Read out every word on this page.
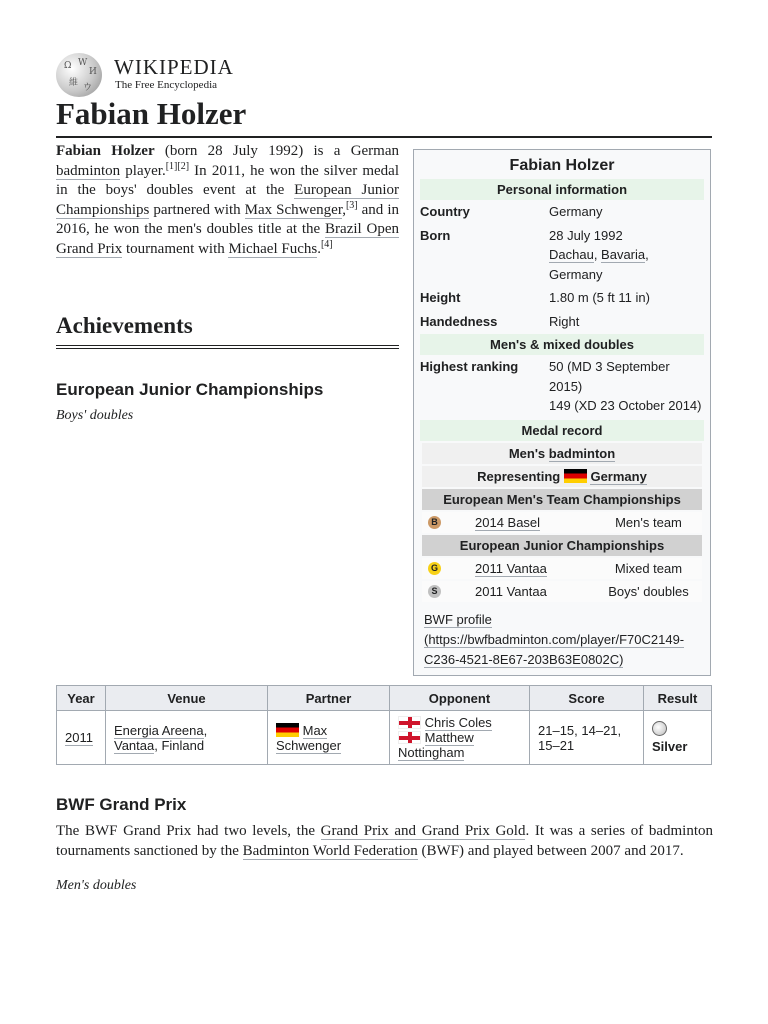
Ω W
И
維 ウ
WIKIPEDIA
The Free Encyclopedia
Fabian Holzer

Fabian Holzer (born 28 July 1992) is a German badminton player.[1][2] In 2011, he won the silver medal in the boys' doubles event at the European Junior Championships partnered with Max Schwenger,[3] and in 2016, he won the men's doubles title at the Brazil Open Grand Prix tournament with Michael Fuchs.[4]

Achievements
European Junior Championships

Boys' doubles

Fabian Holzer
Personal information
Country	Germany
Born	28 July 1992
Dachau, Bavaria,
Germany
Height	1.80 m (5 ft 11 in)
Handedness	Right
Men's & mixed doubles
Highest ranking	50 (MD 3 September 2015)
149 (XD 23 October 2014)
Medal record
Men's badminton
Representing Germany
European Men's Team Championships
B	2014 Basel	Men's team
European Junior Championships
G	2011 Vantaa	Mixed team
S	2011 Vantaa	Boys' doubles
BWF profile (https://bwfbadminton.com/player/F70C2149-C236-4521-8E67-203B63E0802C)
Year	Venue	Partner	Opponent	Score	Result
2011	Energia Areena,
Vantaa, Finland	Max Schwenger	Chris Coles
Matthew Nottingham	21–15, 14–21, 15–21	Silver
BWF Grand Prix

The BWF Grand Prix had two levels, the Grand Prix and Grand Prix Gold. It was a series of badminton tournaments sanctioned by the Badminton World Federation (BWF) and played between 2007 and 2017.

Men's doubles
